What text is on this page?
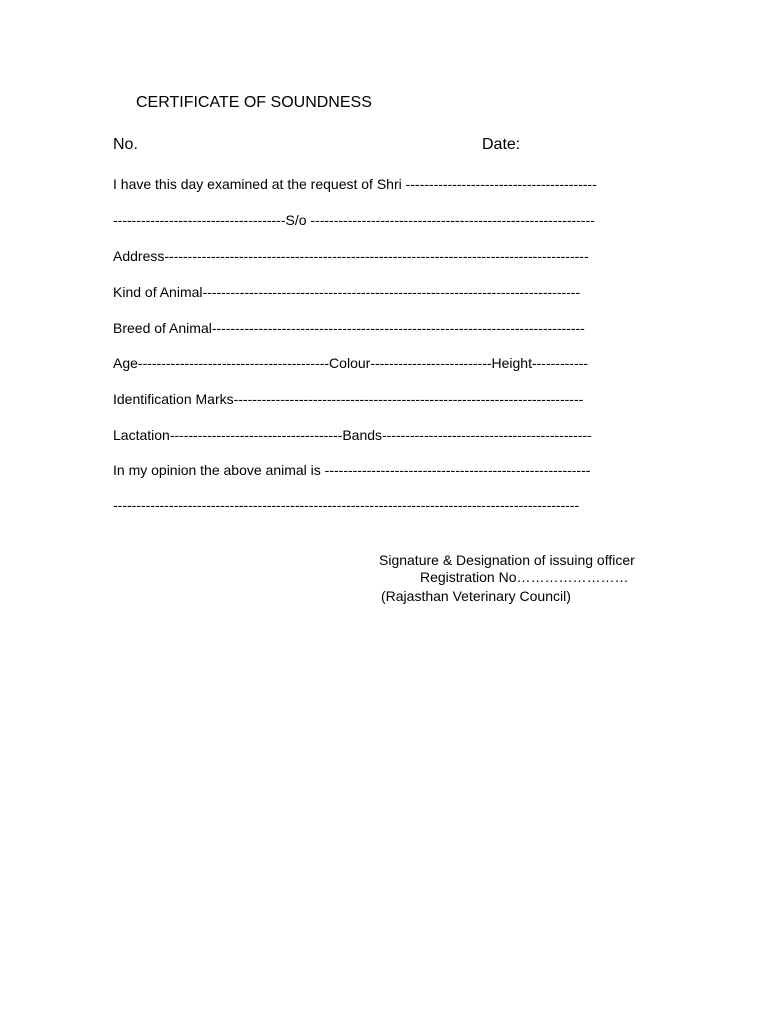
CERTIFICATE OF SOUNDNESS
No.	Date:
I have this day examined at the request of Shri -----------------------------------------
-------------------------------------S/o -------------------------------------------------------------
Address-------------------------------------------------------------------------------------------
Kind of Animal---------------------------------------------------------------------------------
Breed of Animal--------------------------------------------------------------------------------
Age-----------------------------------------Colour--------------------------Height------------
Identification Marks---------------------------------------------------------------------------
Lactation-------------------------------------Bands---------------------------------------------
In my opinion the above animal is ---------------------------------------------------------
----------------------------------------------------------------------------------------------------
Signature & Designation of issuing officer
Registration No……………………
(Rajasthan Veterinary Council)
